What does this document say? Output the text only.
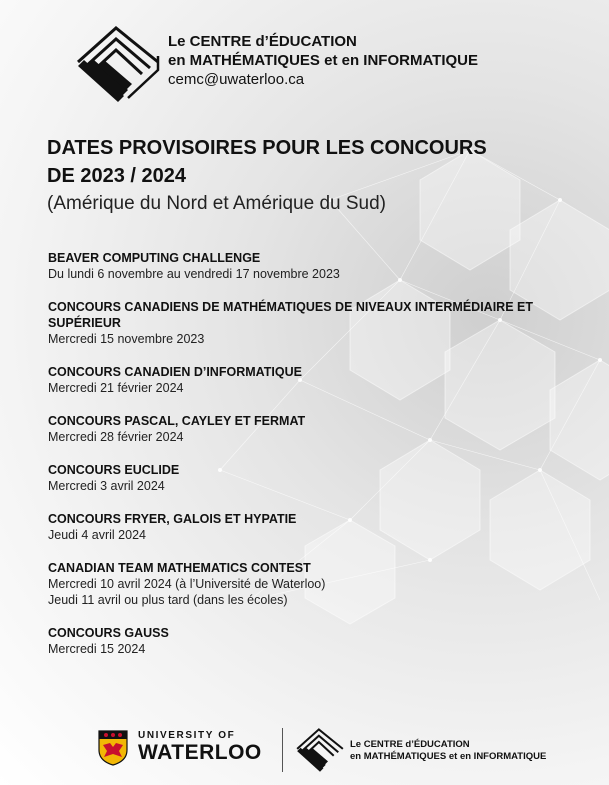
Le CENTRE d’ÉDUCATION
en MATHÉMATIQUES et en INFORMATIQUE
cemc@uwaterloo.ca
DATES PROVISOIRES POUR LES CONCOURS
DE 2023 / 2024
(Amérique du Nord et Amérique du Sud)
BEAVER COMPUTING CHALLENGE
Du lundi 6 novembre au vendredi 17 novembre 2023
CONCOURS CANADIENS DE MATHÉMATIQUES DE NIVEAUX INTERMÉDIAIRE ET SUPÉRIEUR
Mercredi 15 novembre 2023
CONCOURS CANADIEN D’INFORMATIQUE
Mercredi 21 février 2024
CONCOURS PASCAL, CAYLEY ET FERMAT
Mercredi 28 février 2024
CONCOURS EUCLIDE
Mercredi 3 avril 2024
CONCOURS FRYER, GALOIS ET HYPATIE
Jeudi 4 avril 2024
CANADIAN TEAM MATHEMATICS CONTEST
Mercredi 10 avril 2024 (à l’Université de Waterloo)
Jeudi 11 avril ou plus tard (dans les écoles)
CONCOURS GAUSS
Mercredi 15 2024
UNIVERSITY OF
WATERLOO	Le CENTRE d’ÉDUCATION
en MATHÉMATIQUES et en INFORMATIQUE
